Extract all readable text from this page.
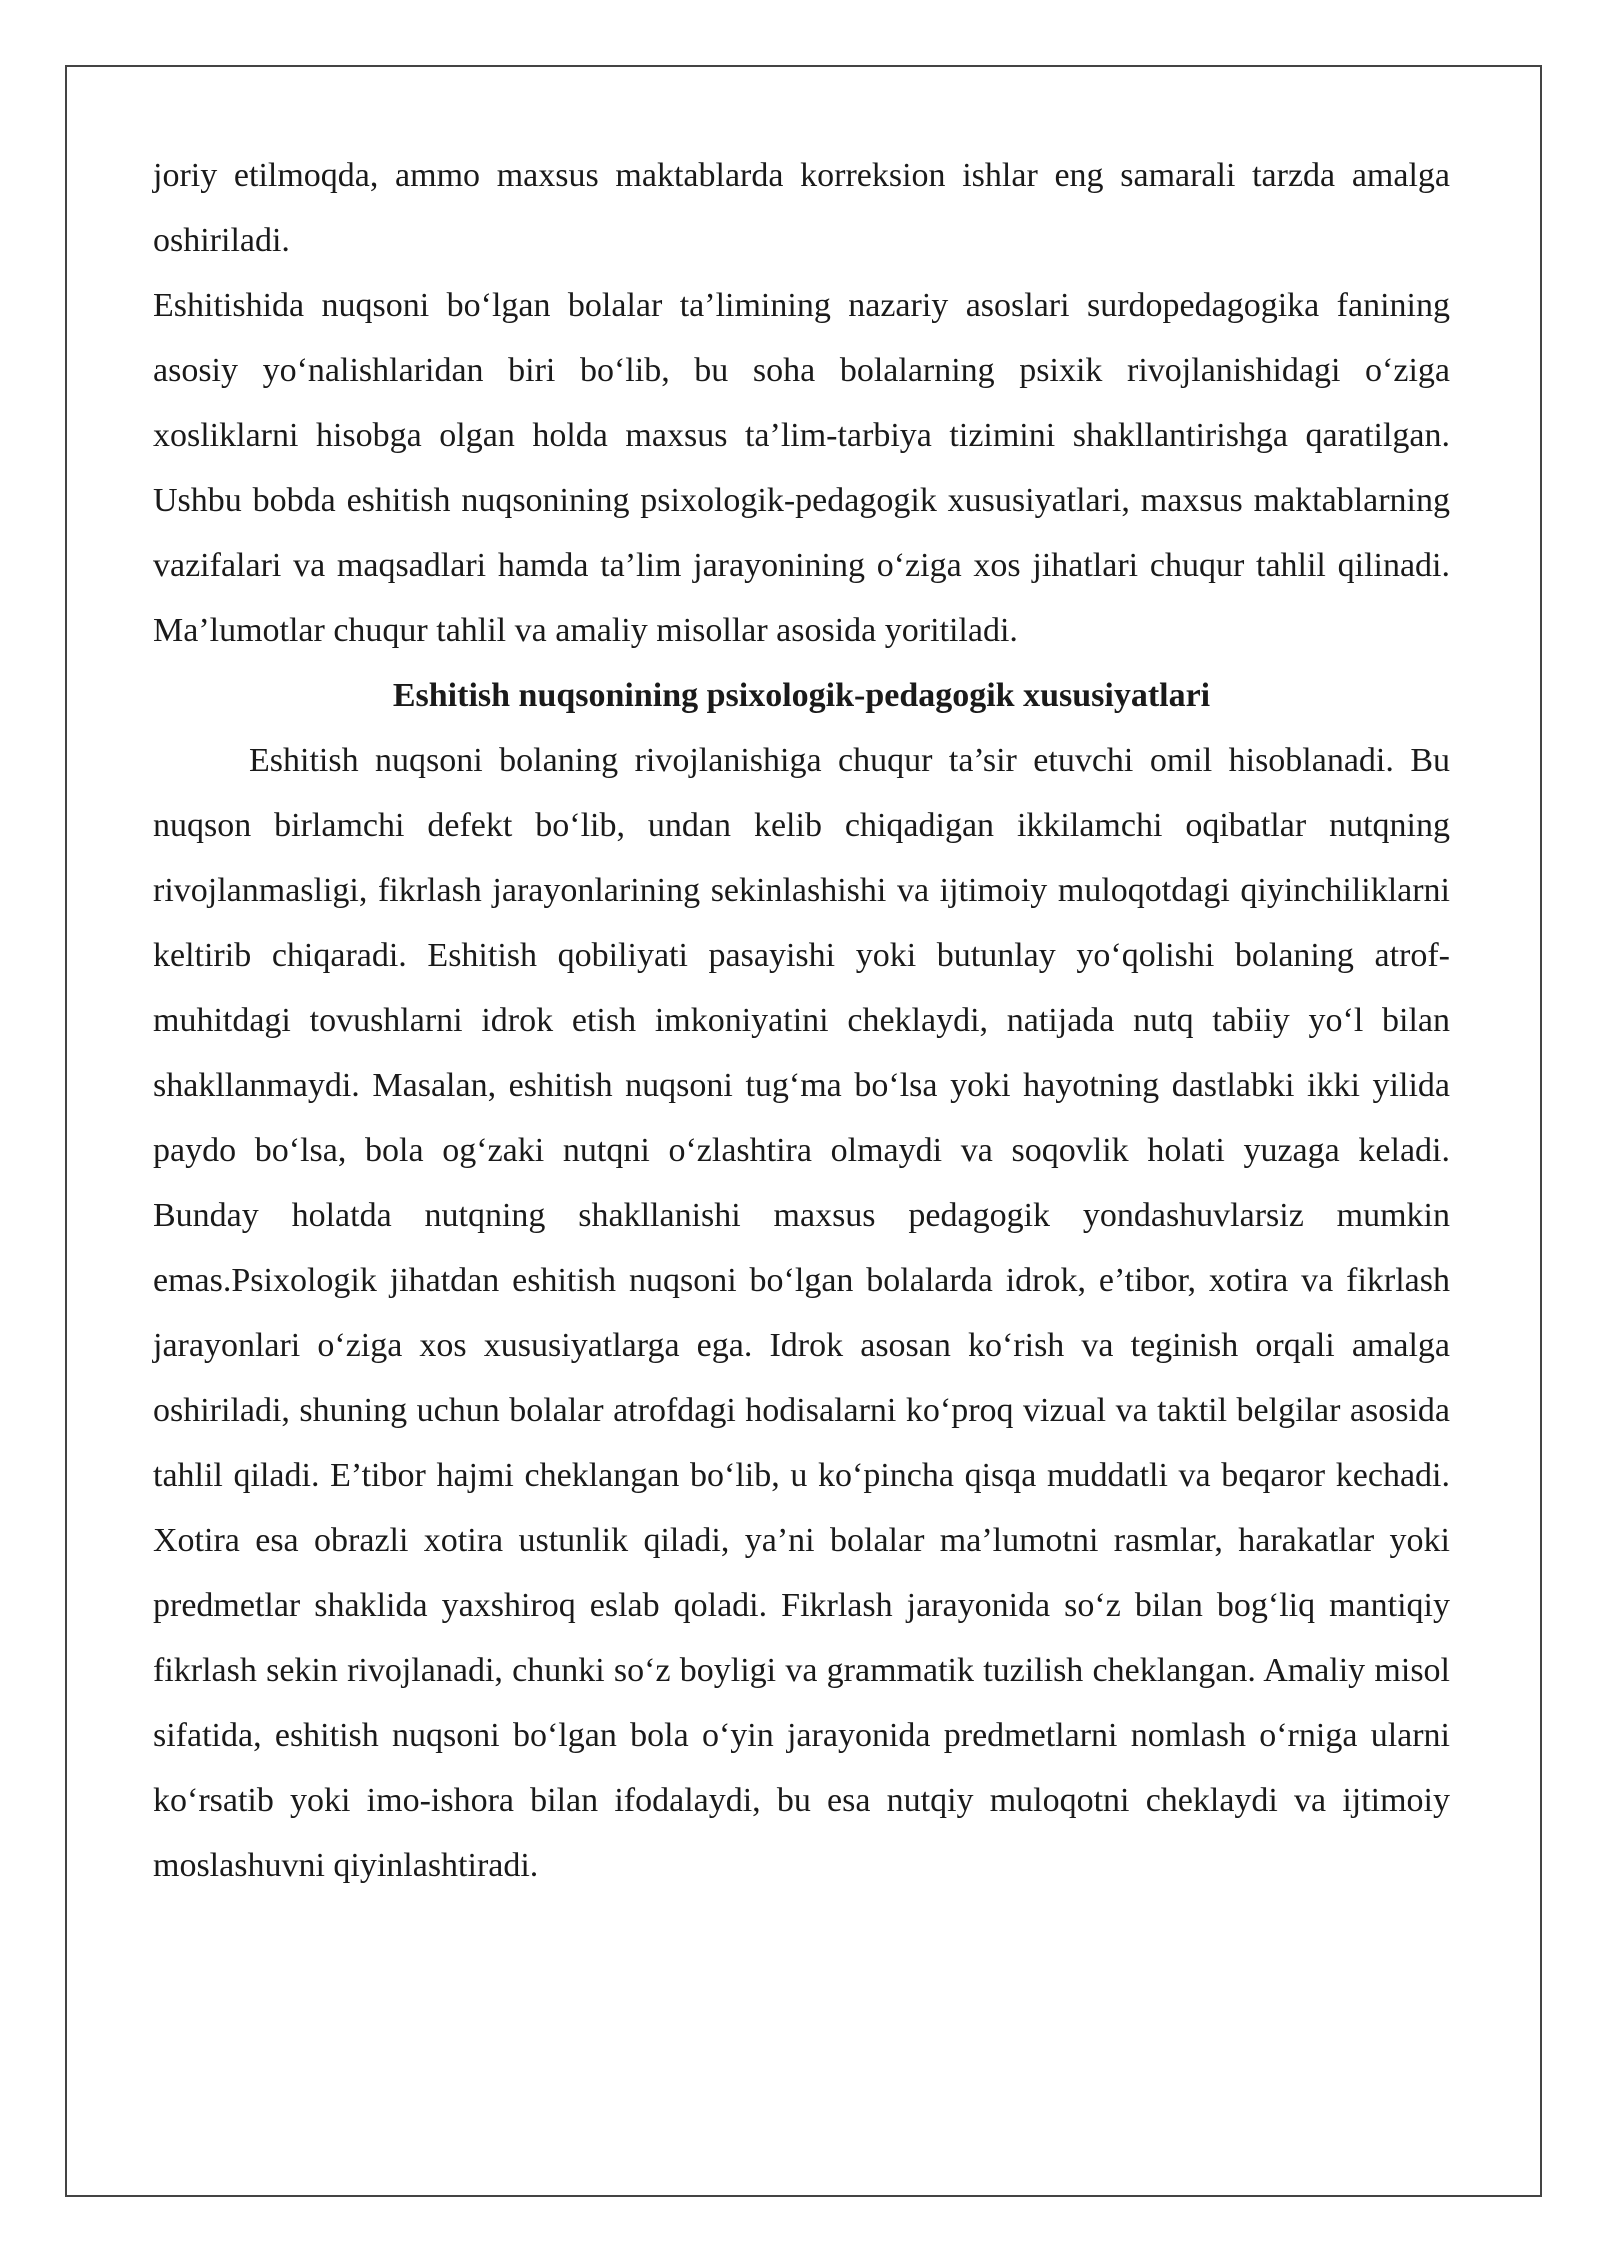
joriy etilmoqda, ammo maxsus maktablarda korreksion ishlar eng samarali tarzda amalga oshiriladi.

Eshitishida nuqsoni bo‘lgan bolalar ta’limining nazariy asoslari surdopedagogika fanining asosiy yo‘nalishlaridan biri bo‘lib, bu soha bolalarning psixik rivojlanishidagi o‘ziga xosliklarni hisobga olgan holda maxsus ta’lim-tarbiya tizimini shakllantirishga qaratilgan. Ushbu bobda eshitish nuqsonining psixologik-pedagogik xususiyatlari, maxsus maktablarning vazifalari va maqsadlari hamda ta’lim jarayonining o‘ziga xos jihatlari chuqur tahlil qilinadi. Ma’lumotlar chuqur tahlil va amaliy misollar asosida yoritiladi.

Eshitish nuqsonining psixologik-pedagogik xususiyatlari

Eshitish nuqsoni bolaning rivojlanishiga chuqur ta’sir etuvchi omil hisoblanadi. Bu nuqson birlamchi defekt bo‘lib, undan kelib chiqadigan ikkilamchi oqibatlar nutqning rivojlanmasligi, fikrlash jarayonlarining sekinlashishi va ijtimoiy muloqotdagi qiyinchiliklarni keltirib chiqaradi. Eshitish qobiliyati pasayishi yoki butunlay yo‘qolishi bolaning atrof-muhitdagi tovushlarni idrok etish imkoniyatini cheklaydi, natijada nutq tabiiy yo‘l bilan shakllanmaydi. Masalan, eshitish nuqsoni tug‘ma bo‘lsa yoki hayotning dastlabki ikki yilida paydo bo‘lsa, bola og‘zaki nutqni o‘zlashtira olmaydi va soqovlik holati yuzaga keladi. Bunday holatda nutqning shakllanishi maxsus pedagogik yondashuvlarsiz mumkin emas.Psixologik jihatdan eshitish nuqsoni bo‘lgan bolalarda idrok, e’tibor, xotira va fikrlash jarayonlari o‘ziga xos xususiyatlarga ega. Idrok asosan ko‘rish va teginish orqali amalga oshiriladi, shuning uchun bolalar atrofdagi hodisalarni ko‘proq vizual va taktil belgilar asosida tahlil qiladi. E’tibor hajmi cheklangan bo‘lib, u ko‘pincha qisqa muddatli va beqaror kechadi. Xotira esa obrazli xotira ustunlik qiladi, ya’ni bolalar ma’lumotni rasmlar, harakatlar yoki predmetlar shaklida yaxshiroq eslab qoladi. Fikrlash jarayonida so‘z bilan bog‘liq mantiqiy fikrlash sekin rivojlanadi, chunki so‘z boyligi va grammatik tuzilish cheklangan. Amaliy misol sifatida, eshitish nuqsoni bo‘lgan bola o‘yin jarayonida predmetlarni nomlash o‘rniga ularni ko‘rsatib yoki imo-ishora bilan ifodalaydi, bu esa nutqiy muloqotni cheklaydi va ijtimoiy moslashuvni qiyinlashtiradi.
